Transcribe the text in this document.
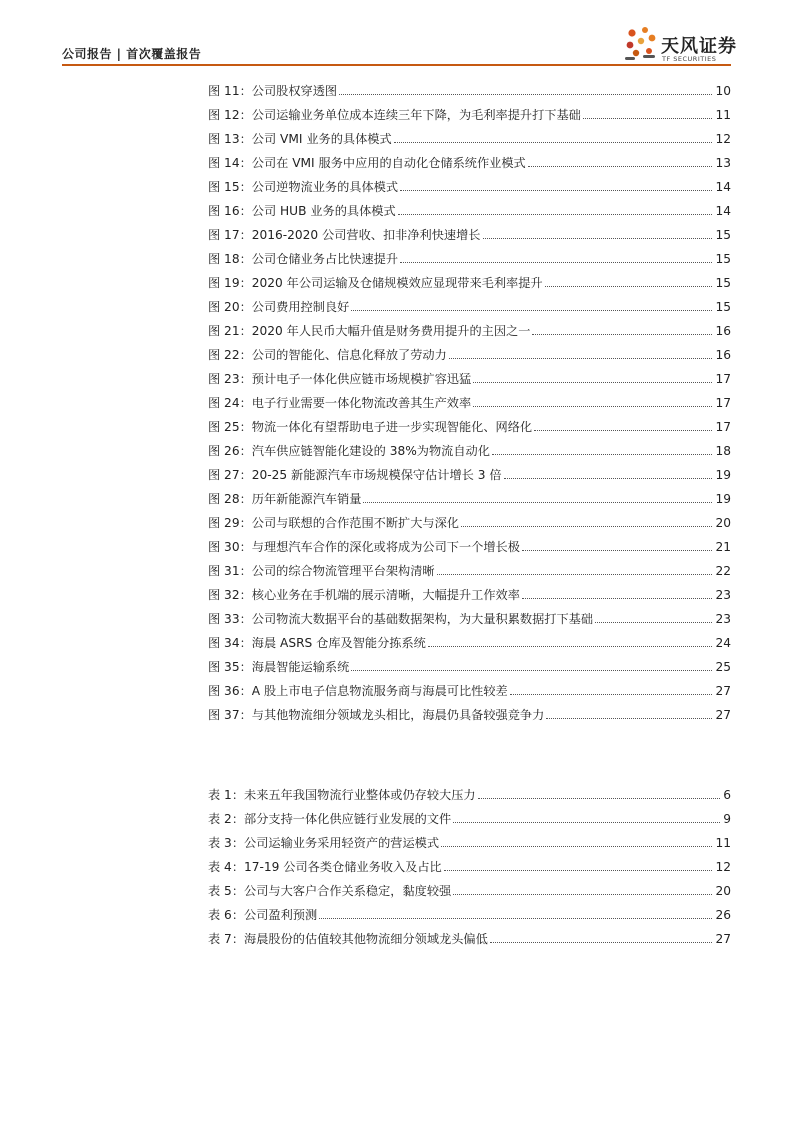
公司报告 | 首次覆盖报告	天风证券
TF SECURITIES
图 11：公司股权穿透图	10
图 12：公司运输业务单位成本连续三年下降，为毛利率提升打下基础	11
图 13：公司 VMI 业务的具体模式	12
图 14：公司在 VMI 服务中应用的自动化仓储系统作业模式	13
图 15：公司逆物流业务的具体模式	14
图 16：公司 HUB 业务的具体模式	14
图 17：2016-2020 公司营收、扣非净利快速增长	15
图 18：公司仓储业务占比快速提升	15
图 19：2020 年公司运输及仓储规模效应显现带来毛利率提升	15
图 20：公司费用控制良好	15
图 21：2020 年人民币大幅升值是财务费用提升的主因之一	16
图 22：公司的智能化、信息化释放了劳动力	16
图 23：预计电子一体化供应链市场规模扩容迅猛	17
图 24：电子行业需要一体化物流改善其生产效率	17
图 25：物流一体化有望帮助电子进一步实现智能化、网络化	17
图 26：汽车供应链智能化建设的 38%为物流自动化	18
图 27：20-25 新能源汽车市场规模保守估计增长 3 倍	19
图 28：历年新能源汽车销量	19
图 29：公司与联想的合作范围不断扩大与深化	20
图 30：与理想汽车合作的深化或将成为公司下一个增长极	21
图 31：公司的综合物流管理平台架构清晰	22
图 32：核心业务在手机端的展示清晰，大幅提升工作效率	23
图 33：公司物流大数据平台的基础数据架构，为大量积累数据打下基础	23
图 34：海晨 ASRS 仓库及智能分拣系统	24
图 35：海晨智能运输系统	25
图 36：A 股上市电子信息物流服务商与海晨可比性较差	27
图 37：与其他物流细分领域龙头相比，海晨仍具备较强竞争力	27
表 1：未来五年我国物流行业整体或仍存较大压力	6
表 2：部分支持一体化供应链行业发展的文件	9
表 3：公司运输业务采用轻资产的营运模式	11
表 4：17-19 公司各类仓储业务收入及占比	12
表 5：公司与大客户合作关系稳定，黏度较强	20
表 6：公司盈利预测	26
表 7：海晨股份的估值较其他物流细分领域龙头偏低	27
